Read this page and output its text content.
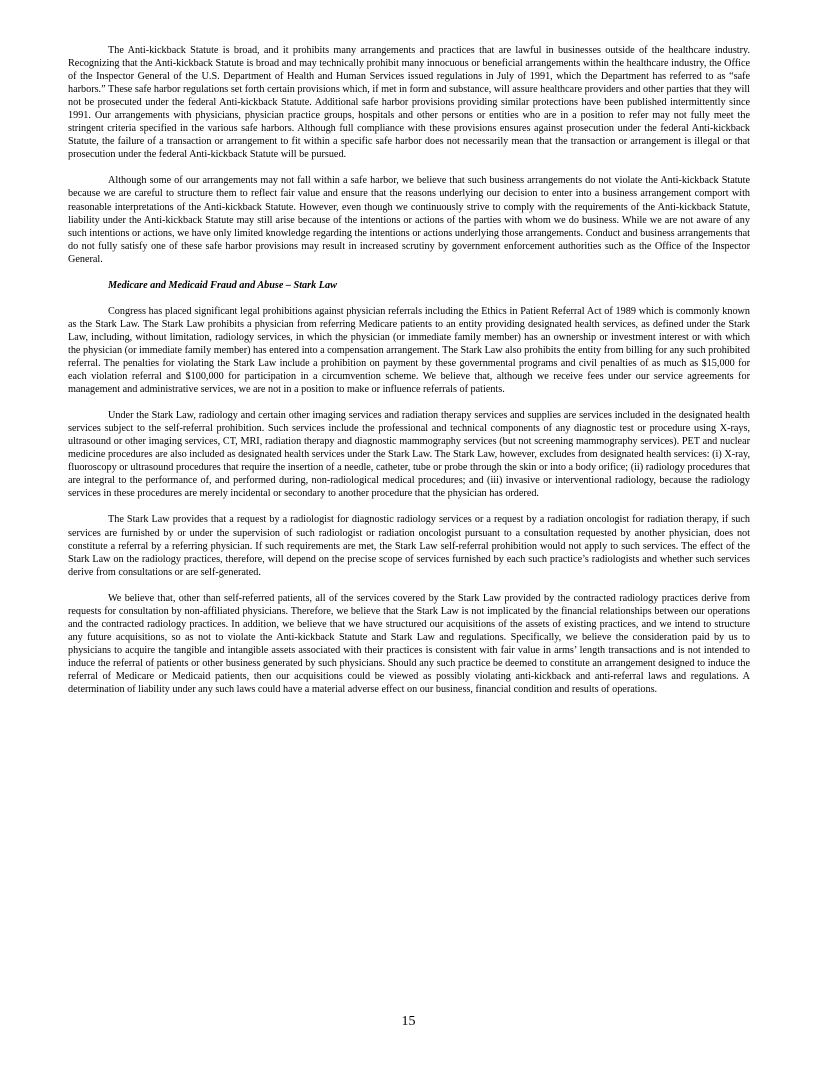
The Anti-kickback Statute is broad, and it prohibits many arrangements and practices that are lawful in businesses outside of the healthcare industry. Recognizing that the Anti-kickback Statute is broad and may technically prohibit many innocuous or beneficial arrangements within the healthcare industry, the Office of the Inspector General of the U.S. Department of Health and Human Services issued regulations in July of 1991, which the Department has referred to as “safe harbors.” These safe harbor regulations set forth certain provisions which, if met in form and substance, will assure healthcare providers and other parties that they will not be prosecuted under the federal Anti-kickback Statute. Additional safe harbor provisions providing similar protections have been published intermittently since 1991. Our arrangements with physicians, physician practice groups, hospitals and other persons or entities who are in a position to refer may not fully meet the stringent criteria specified in the various safe harbors. Although full compliance with these provisions ensures against prosecution under the federal Anti-kickback Statute, the failure of a transaction or arrangement to fit within a specific safe harbor does not necessarily mean that the transaction or arrangement is illegal or that prosecution under the federal Anti-kickback Statute will be pursued.

Although some of our arrangements may not fall within a safe harbor, we believe that such business arrangements do not violate the Anti-kickback Statute because we are careful to structure them to reflect fair value and ensure that the reasons underlying our decision to enter into a business arrangement comport with reasonable interpretations of the Anti-kickback Statute. However, even though we continuously strive to comply with the requirements of the Anti-kickback Statute, liability under the Anti-kickback Statute may still arise because of the intentions or actions of the parties with whom we do business. While we are not aware of any such intentions or actions, we have only limited knowledge regarding the intentions or actions underlying those arrangements. Conduct and business arrangements that do not fully satisfy one of these safe harbor provisions may result in increased scrutiny by government enforcement authorities such as the Office of the Inspector General.

Medicare and Medicaid Fraud and Abuse – Stark Law

Congress has placed significant legal prohibitions against physician referrals including the Ethics in Patient Referral Act of 1989 which is commonly known as the Stark Law. The Stark Law prohibits a physician from referring Medicare patients to an entity providing designated health services, as defined under the Stark Law, including, without limitation, radiology services, in which the physician (or immediate family member) has an ownership or investment interest or with which the physician (or immediate family member) has entered into a compensation arrangement. The Stark Law also prohibits the entity from billing for any such prohibited referral. The penalties for violating the Stark Law include a prohibition on payment by these governmental programs and civil penalties of as much as $15,000 for each violation referral and $100,000 for participation in a circumvention scheme. We believe that, although we receive fees under our service agreements for management and administrative services, we are not in a position to make or influence referrals of patients.

Under the Stark Law, radiology and certain other imaging services and radiation therapy services and supplies are services included in the designated health services subject to the self-referral prohibition. Such services include the professional and technical components of any diagnostic test or procedure using X-rays, ultrasound or other imaging services, CT, MRI, radiation therapy and diagnostic mammography services (but not screening mammography services). PET and nuclear medicine procedures are also included as designated health services under the Stark Law. The Stark Law, however, excludes from designated health services: (i) X-ray, fluoroscopy or ultrasound procedures that require the insertion of a needle, catheter, tube or probe through the skin or into a body orifice; (ii) radiology procedures that are integral to the performance of, and performed during, non-radiological medical procedures; and (iii) invasive or interventional radiology, because the radiology services in these procedures are merely incidental or secondary to another procedure that the physician has ordered.

The Stark Law provides that a request by a radiologist for diagnostic radiology services or a request by a radiation oncologist for radiation therapy, if such services are furnished by or under the supervision of such radiologist or radiation oncologist pursuant to a consultation requested by another physician, does not constitute a referral by a referring physician. If such requirements are met, the Stark Law self-referral prohibition would not apply to such services. The effect of the Stark Law on the radiology practices, therefore, will depend on the precise scope of services furnished by each such practice’s radiologists and whether such services derive from consultations or are self-generated.

We believe that, other than self-referred patients, all of the services covered by the Stark Law provided by the contracted radiology practices derive from requests for consultation by non-affiliated physicians. Therefore, we believe that the Stark Law is not implicated by the financial relationships between our operations and the contracted radiology practices. In addition, we believe that we have structured our acquisitions of the assets of existing practices, and we intend to structure any future acquisitions, so as not to violate the Anti-kickback Statute and Stark Law and regulations. Specifically, we believe the consideration paid by us to physicians to acquire the tangible and intangible assets associated with their practices is consistent with fair value in arms’ length transactions and is not intended to induce the referral of patients or other business generated by such physicians. Should any such practice be deemed to constitute an arrangement designed to induce the referral of Medicare or Medicaid patients, then our acquisitions could be viewed as possibly violating anti-kickback and anti-referral laws and regulations. A determination of liability under any such laws could have a material adverse effect on our business, financial condition and results of operations.

15
